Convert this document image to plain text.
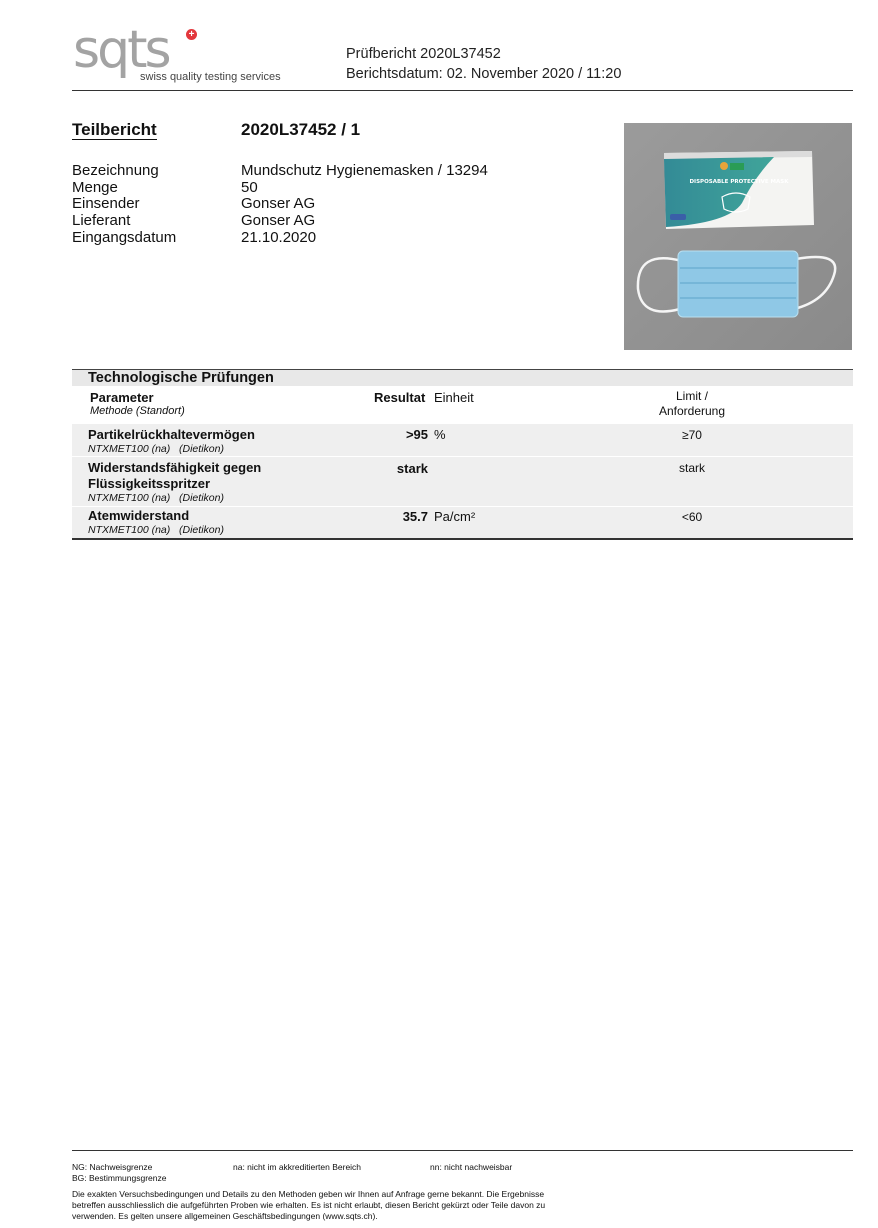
sqts +
swiss quality testing services
Prüfbericht 2020L37452
Berichtsdatum: 02. November 2020 / 11:20
Teilbericht	2020L37452 / 1
Bezeichnung	Mundschutz Hygienemasken / 13294
Menge	50
Einsender	Gonser AG
Lieferant	Gonser AG
Eingangsdatum	21.10.2020
DISPOSABLE PROTECTIVE MASK
Technologische Prüfungen
Parameter
Methode (Standort)
Resultat Einheit	Limit /
Anforderung
Partikelrückhaltevermögen
NTXMET100 (na)   (Dietikon)
>95 %	≥70
Widerstandsfähigkeit gegen Flüssigkeitsspritzer
NTXMET100 (na)   (Dietikon)
stark	stark
Atemwiderstand
NTXMET100 (na)   (Dietikon)
35.7 Pa/cm²	<60
NG: Nachweisgrenze	na: nicht im akkreditierten Bereich	nn: nicht nachweisbar
BG: Bestimmungsgrenze
Die exakten Versuchsbedingungen und Details zu den Methoden geben wir Ihnen auf Anfrage gerne bekannt. Die Ergebnisse
betreffen ausschliesslich die aufgeführten Proben wie erhalten. Es ist nicht erlaubt, diesen Bericht gekürzt oder Teile davon zu
verwenden. Es gelten unsere allgemeinen Geschäftsbedingungen (www.sqts.ch).
